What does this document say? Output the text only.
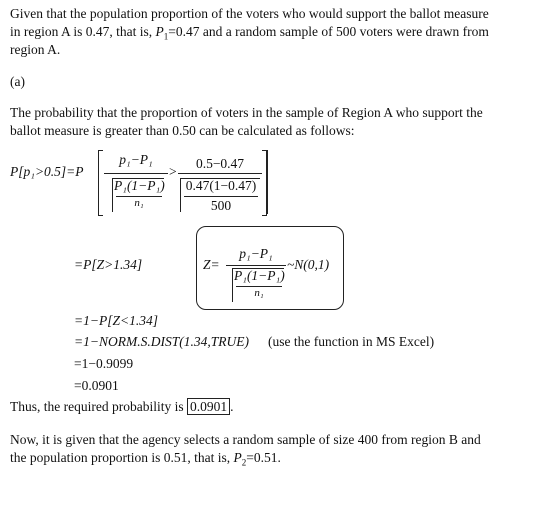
Given that the population proportion of the voters who would support the ballot measure
in region A is 0.47, that is, $P_1=0.47$ and a random sample of 500 voters were drawn from
region A.
(a)
The probability that the proportion of voters in the sample of Region A who support the
ballot measure is greater than 0.50 can be calculated as follows:
P[p₁>0.5]=P
p₁−P₁
P₁(1−P₁)
n₁
>
0.5−0.47
0.47(1−0.47)
500
=P[Z>1.34]	Z=
p₁−P₁
P₁(1−P₁)
n₁
~N(0,1)
=1−P[Z<1.34]
=1−NORM.S.DIST(1.34,TRUE) (use the function in MS Excel)
=1−0.9099
=0.0901
Thus, the required probability is 0.0901 .
Now, it is given that the agency selects a random sample of size 400 from region B and
the population proportion is 0.51, that is, $P_2=0.51$.
